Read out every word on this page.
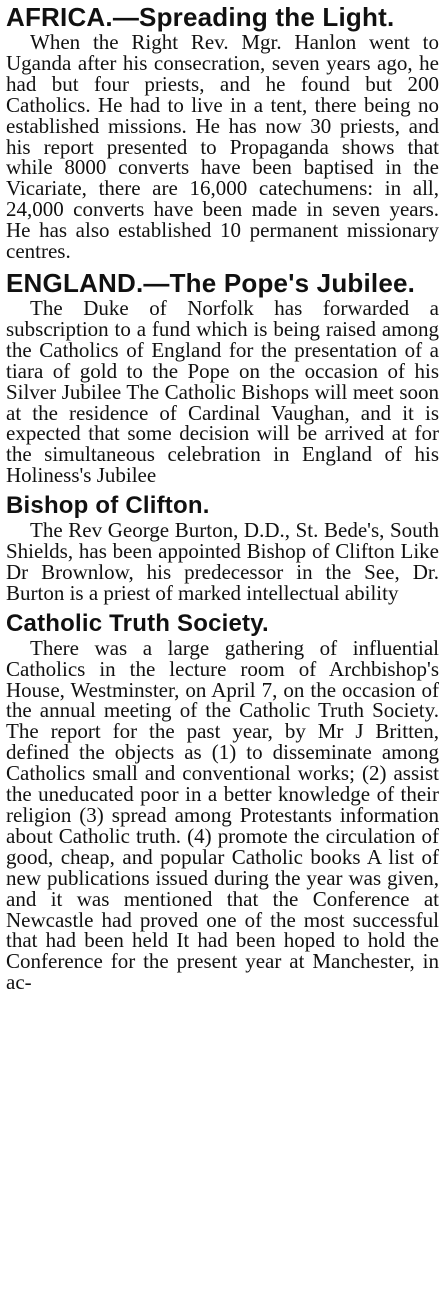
AFRICA.—Spreading the Light.

When the Right Rev. Mgr. Hanlon went to Uganda after his consecration, seven years ago, he had but four priests, and he found but 200 Catholics. He had to live in a tent, there being no established missions. He has now 30 priests, and his report presented to Propaganda shows that while 8000 converts have been baptised in the Vicariate, there are 16,000 catechumens: in all, 24,000 converts have been made in seven years. He has also established 10 permanent missionary centres.

ENGLAND.—The Pope's Jubilee.

The Duke of Norfolk has forwarded a subscription to a fund which is being raised among the Catholics of England for the presentation of a tiara of gold to the Pope on the occasion of his Silver Jubilee The Catholic Bishops will meet soon at the residence of Cardinal Vaughan, and it is expected that some decision will be arrived at for the simultaneous celebration in England of his Holiness's Jubilee

Bishop of Clifton.

The Rev George Burton, D.D., St. Bede's, South Shields, has been appointed Bishop of Clifton Like Dr Brownlow, his predecessor in the See, Dr. Burton is a priest of marked intellectual ability

Catholic Truth Society.

There was a large gathering of influential Catholics in the lecture room of Archbishop's House, Westminster, on April 7, on the occasion of the annual meeting of the Catholic Truth Society. The report for the past year, by Mr J Britten, defined the objects as (1) to disseminate among Catholics small and conventional works; (2) assist the uneducated poor in a better knowledge of their religion (3) spread among Protestants information about Catholic truth. (4) promote the circulation of good, cheap, and popular Catholic books A list of new publications issued during the year was given, and it was mentioned that the Conference at Newcastle had proved one of the most successful that had been held It had been hoped to hold the Conference for the present year at Manchester, in ac-
